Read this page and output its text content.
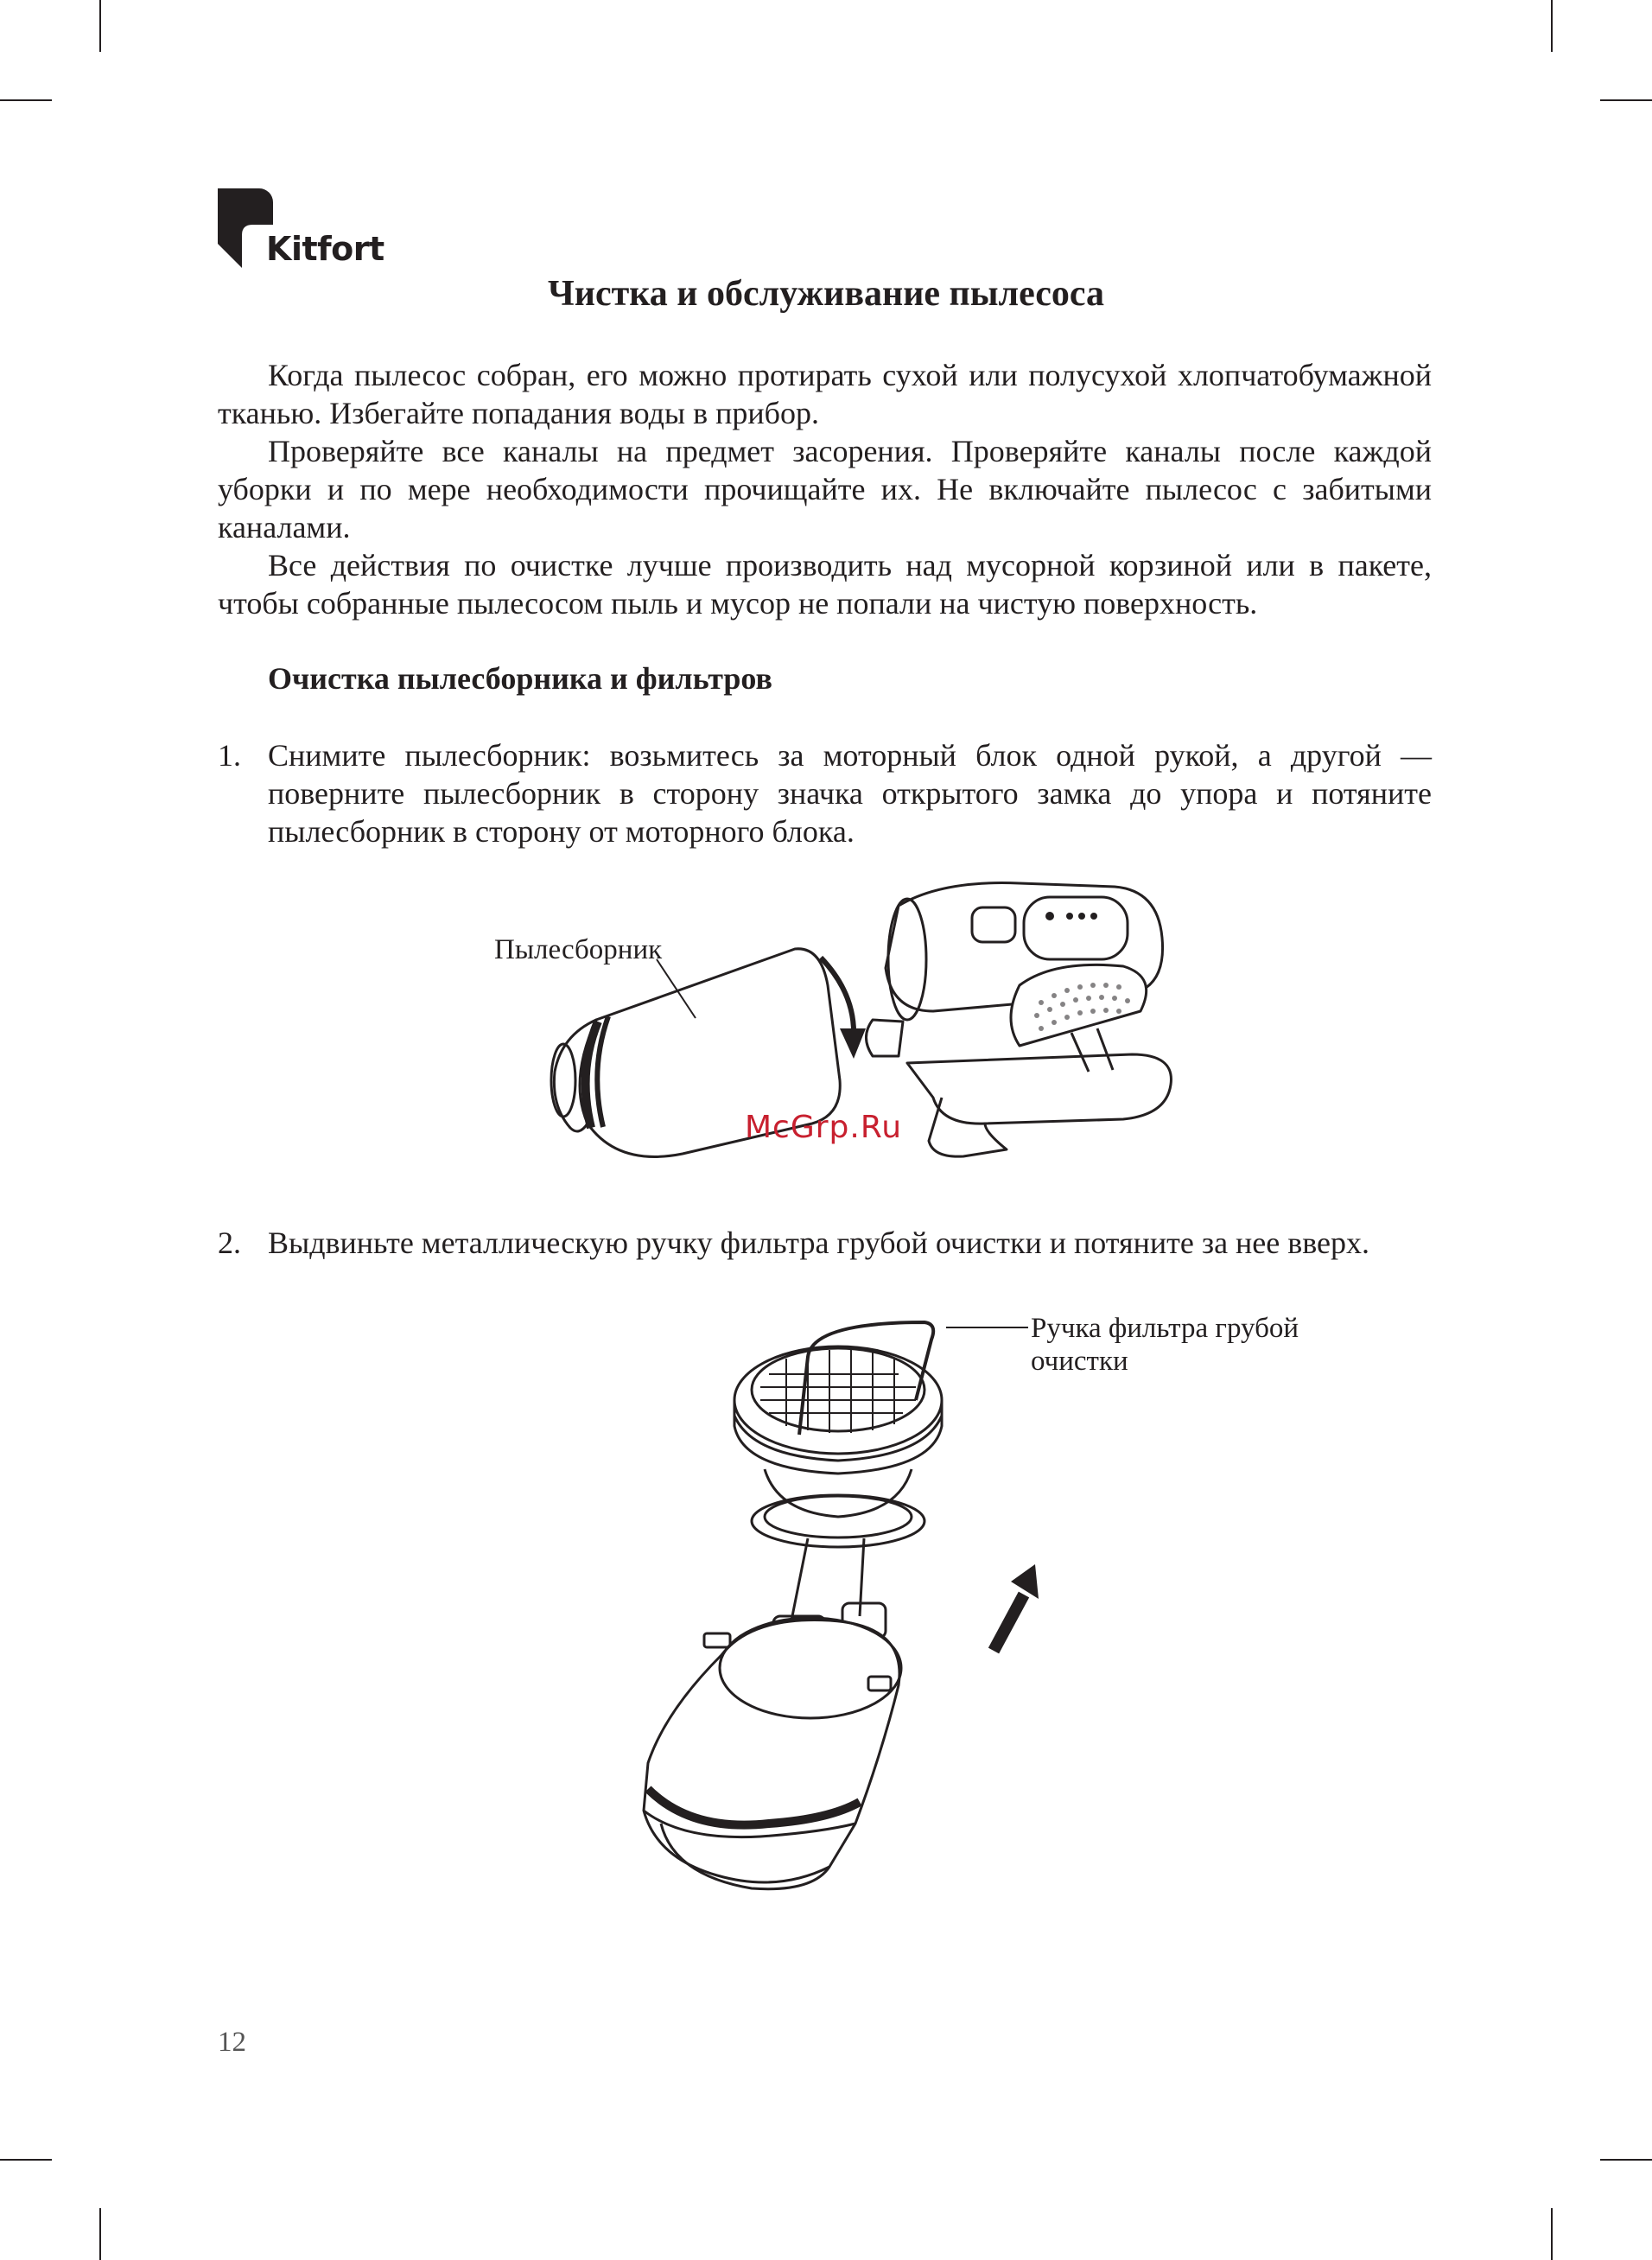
Kitfort
Чистка и обслуживание пылесоса
Когда пылесос собран, его можно протирать сухой или полусухой хлопчатобумажной тканью. Избегайте попадания воды в прибор.
Проверяйте все каналы на предмет засорения. Проверяйте каналы после каждой уборки и по мере необходимости прочищайте их. Не включайте пылесос с забитыми каналами.
Все действия по очистке лучше производить над мусорной корзиной или в пакете, чтобы собранные пылесосом пыль и мусор не попали на чистую поверхность.
Очистка пылесборника и фильтров
1. Снимите пылесборник: возьмитесь за моторный блок одной рукой, а другой — поверните пылесборник в сторону значка открытого замка до упора и потяните пылесборник в сторону от моторного блока.
Пылесборник
McGrp.Ru
2. Выдвиньте металлическую ручку фильтра грубой очистки и потяните за нее вверх.
Ручка фильтра грубой
очистки
12
